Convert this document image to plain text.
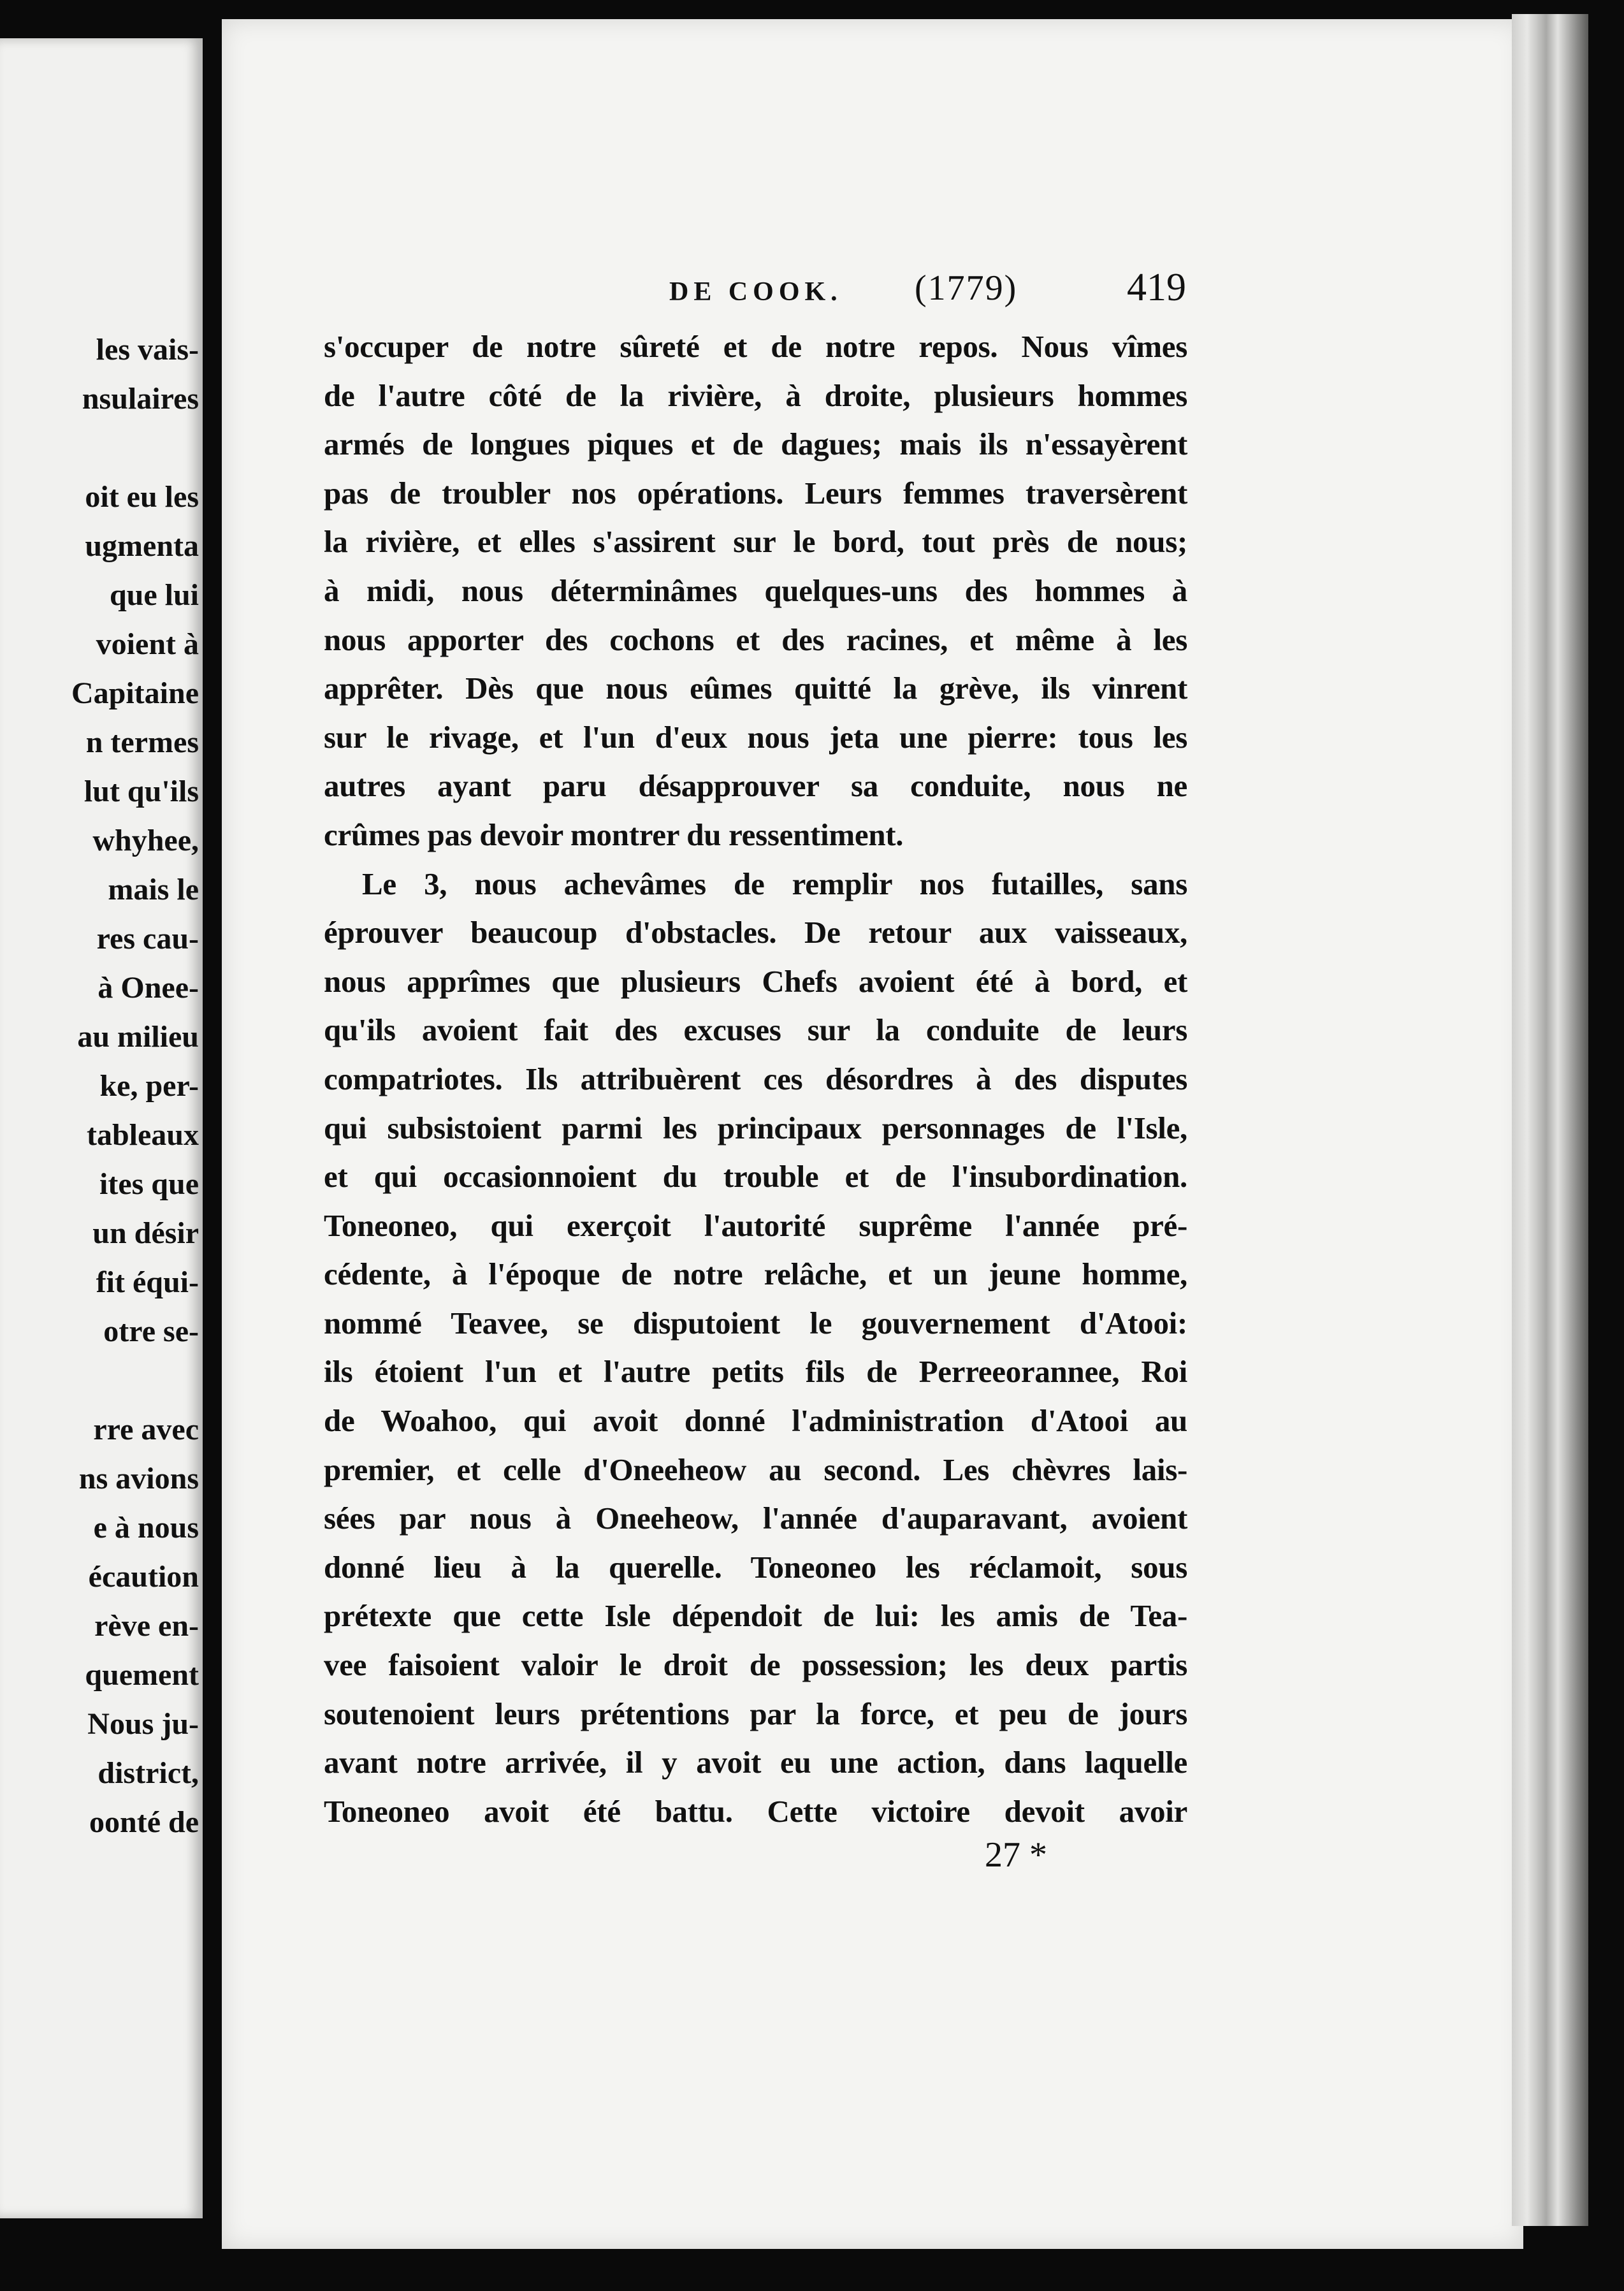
les vais-
nsulaires
oit eu les
ugmenta
que lui
voient à
Capitaine
n termes
lut qu'ils
whyhee,
mais le
res cau-
à Onee-
au milieu
ke, per-
tableaux
ites que
un désir
fit équi-
otre se-
rre avec
ns avions
e à nous
écaution
rève en-
quement
Nous ju-
district,
oonté de
DE COOK. (1779)	419
s'occuper de notre sûreté et de notre repos. Nous vîmes
de l'autre côté de la rivière, à droite, plusieurs hommes
armés de longues piques et de dagues; mais ils n'essayèrent
pas de troubler nos opérations. Leurs femmes traversèrent
la rivière, et elles s'assirent sur le bord, tout près de nous;
à midi, nous déterminâmes quelques-uns des hommes à
nous apporter des cochons et des racines, et même à les
apprêter. Dès que nous eûmes quitté la grève, ils vinrent
sur le rivage, et l'un d'eux nous jeta une pierre: tous les
autres ayant paru désapprouver sa conduite, nous ne
crûmes pas devoir montrer du ressentiment.
Le 3, nous achevâmes de remplir nos futailles, sans
éprouver beaucoup d'obstacles. De retour aux vaisseaux,
nous apprîmes que plusieurs Chefs avoient été à bord, et
qu'ils avoient fait des excuses sur la conduite de leurs
compatriotes. Ils attribuèrent ces désordres à des disputes
qui subsistoient parmi les principaux personnages de l'Isle,
et qui occasionnoient du trouble et de l'insubordination.
Toneoneo, qui exerçoit l'autorité suprême l'année pré-
cédente, à l'époque de notre relâche, et un jeune homme,
nommé Teavee, se disputoient le gouvernement d'Atooi:
ils étoient l'un et l'autre petits fils de Perreeorannee, Roi
de Woahoo, qui avoit donné l'administration d'Atooi au
premier, et celle d'Oneeheow au second. Les chèvres lais-
sées par nous à Oneeheow, l'année d'auparavant, avoient
donné lieu à la querelle. Toneoneo les réclamoit, sous
prétexte que cette Isle dépendoit de lui: les amis de Tea-
vee faisoient valoir le droit de possession; les deux partis
soutenoient leurs prétentions par la force, et peu de jours
avant notre arrivée, il y avoit eu une action, dans laquelle
Toneoneo avoit été battu. Cette victoire devoit avoir
27 *
